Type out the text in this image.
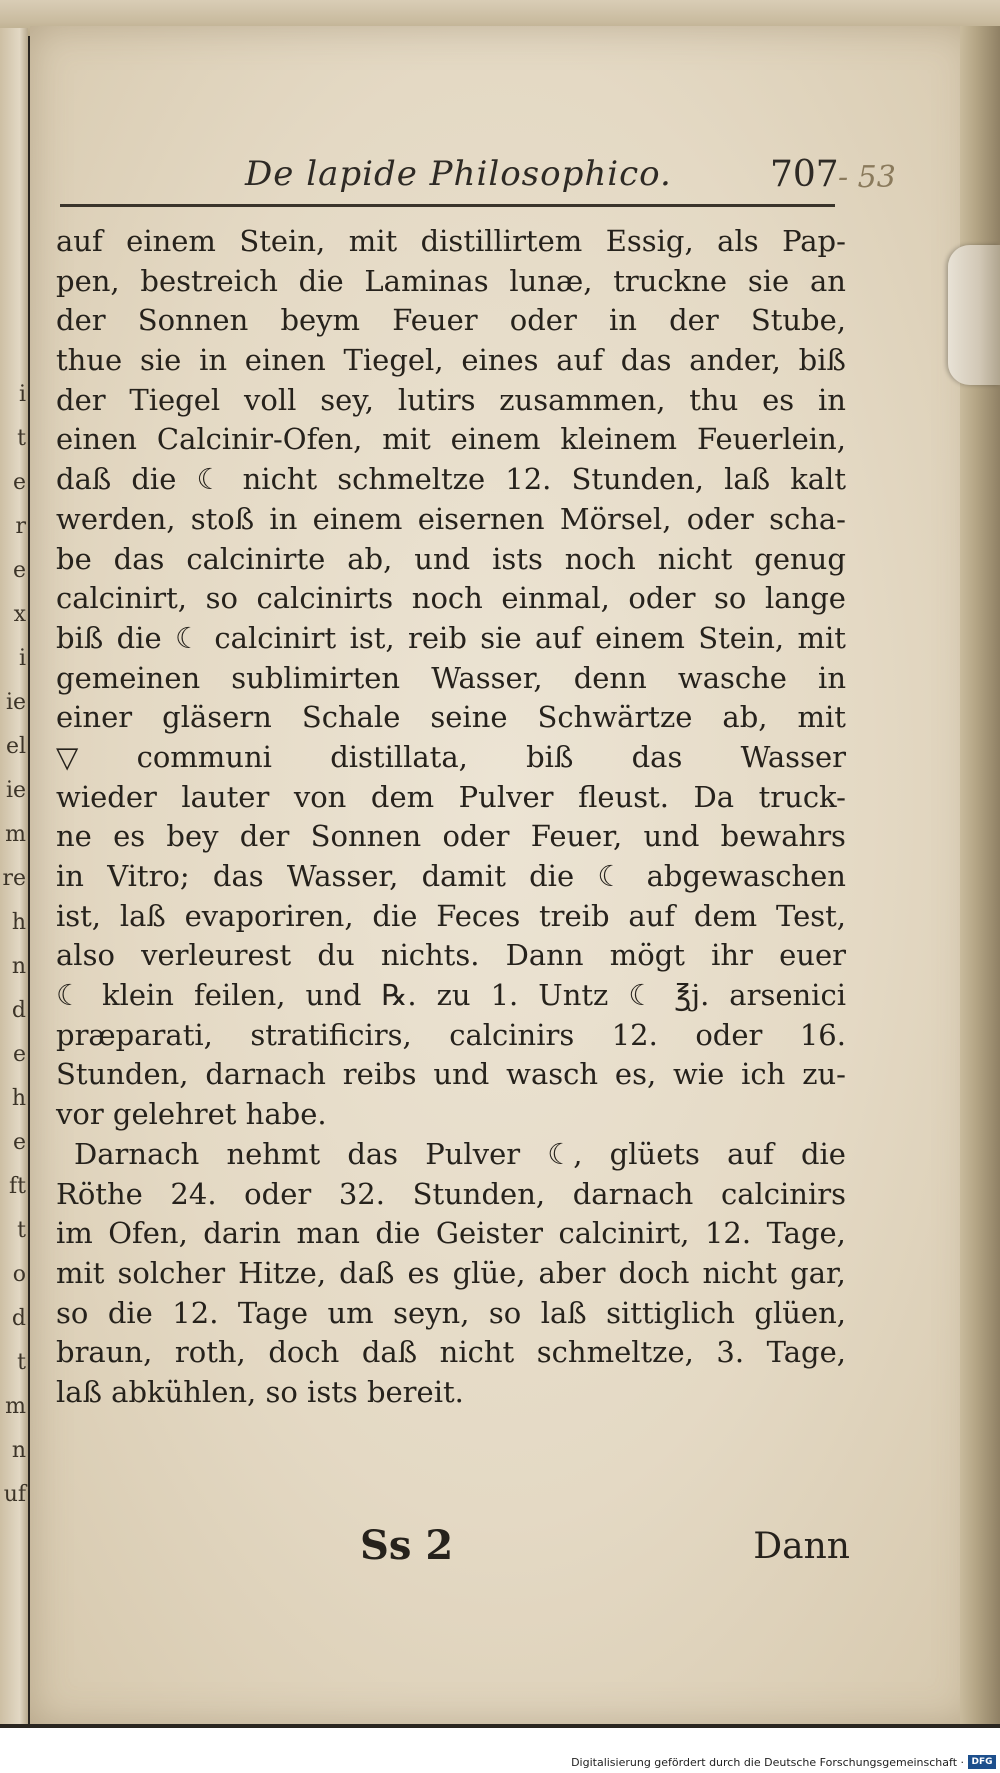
i
t
e
r
e
x
i
ie
el
ie
m
re
h
n
d
e
h
e
ft
t
o
d
t
m
n
uf
De lapide Philosophico.	707 - 53
auf einem Stein, mit distillirtem Essig, als Pap-
pen, bestreich die Laminas lunæ, truckne sie an
der Sonnen beym Feuer oder in der Stube,
thue sie in einen Tiegel, eines auf das ander, biß
der Tiegel voll sey, lutirs zusammen, thu es in
einen Calcinir-Ofen, mit einem kleinem Feuerlein,
daß die ☾ nicht schmeltze 12. Stunden, laß kalt
werden, stoß in einem eisernen Mörsel, oder scha-
be das calcinirte ab, und ists noch nicht genug
calcinirt, so calcinirts noch einmal, oder so lange
biß die ☾ calcinirt ist, reib sie auf einem Stein, mit
gemeinen sublimirten Wasser, denn wasche in
einer gläsern Schale seine Schwärtze ab, mit
▽ communi distillata, biß das Wasser
wieder lauter von dem Pulver fleust. Da truck-
ne es bey der Sonnen oder Feuer, und bewahrs
in Vitro; das Wasser, damit die ☾ abgewaschen
ist, laß evaporiren, die Feces treib auf dem Test,
also verleurest du nichts. Dann mögt ihr euer
☾ klein feilen, und ℞. zu 1. Untz ☾ ℥j. arsenici
præparati, stratificirs, calcinirs 12. oder 16.
Stunden, darnach reibs und wasch es, wie ich zu-
vor gelehret habe.
Darnach nehmt das Pulver ☾, glüets auf die
Röthe 24. oder 32. Stunden, darnach calcinirs
im Ofen, darin man die Geister calcinirt, 12. Tage,
mit solcher Hitze, daß es glüe, aber doch nicht gar,
so die 12. Tage um seyn, so laß sittiglich glüen,
braun, roth, doch daß nicht schmeltze, 3. Tage,
laß abkühlen, so ists bereit.
Ss 2	Dann
Digitalisierung gefördert durch die Deutsche Forschungsgemeinschaft · DFG
